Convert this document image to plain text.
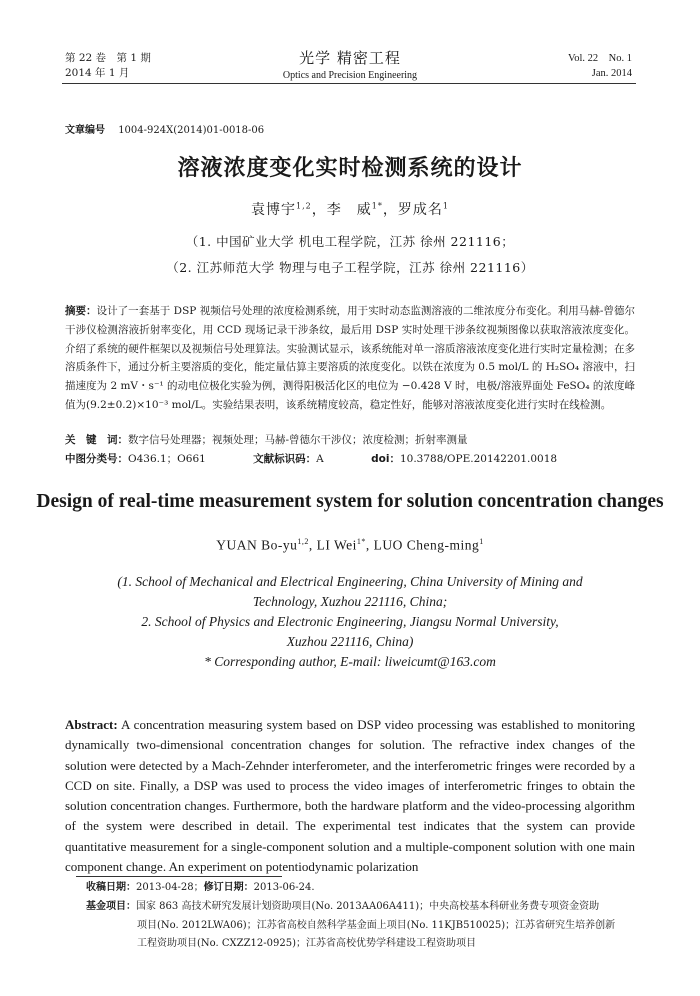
第 22 卷　第 1 期
2014 年 1 月
光学 精密工程
Optics and Precision Engineering
Vol. 22　No. 1
Jan. 2014
文章编号 1004-924X(2014)01-0018-06
溶液浓度变化实时检测系统的设计
袁博宇$^{1,2}$，李　威$^{1*}$，罗成名$^1$
（1. 中国矿业大学 机电工程学院，江苏 徐州 221116；
（2. 江苏师范大学 物理与电子工程学院，江苏 徐州 221116）
摘要：设计了一套基于 DSP 视频信号处理的浓度检测系统，用于实时动态监测溶液的二维浓度分布变化。利用马赫-曾德尔干涉仪检测溶液折射率变化，用 CCD 现场记录干涉条纹，最后用 DSP 实时处理干涉条纹视频图像以获取溶液浓度变化。介绍了系统的硬件框架以及视频信号处理算法。实验测试显示，该系统能对单一溶质溶液浓度变化进行实时定量检测；在多溶质条件下，通过分析主要溶质的变化，能定量估算主要溶质的浓度变化。以铁在浓度为 0.5 mol/L 的 H₂SO₄ 溶液中，扫描速度为 2 mV・s⁻¹ 的动电位极化实验为例，测得阳极活化区的电位为 −0.428 V 时，电极/溶液界面处 FeSO₄ 的浓度峰值为(9.2±0.2)×10⁻³ mol/L。实验结果表明，该系统精度较高，稳定性好，能够对溶液浓度变化进行实时在线检测。
关　键　词：数字信号处理器；视频处理；马赫-曾德尔干涉仪；浓度检测；折射率测量
中图分类号：O436.1；O661	文献标识码：A	doi：10.3788/OPE.20142201.0018
Design of real-time measurement system for solution concentration changes
YUAN Bo-yu$^{1,2}$, LI Wei$^{1*}$, LUO Cheng-ming$^1$
(1. School of Mechanical and Electrical Engineering, China University of Mining and
Technology, Xuzhou 221116, China;
2. School of Physics and Electronic Engineering, Jiangsu Normal University,
Xuzhou 221116, China)
* Corresponding author, E-mail: liweicumt@163.com
Abstract: A concentration measuring system based on DSP video processing was established to monitoring dynamically two-dimensional concentration changes for solution. The refractive index changes of the solution were detected by a Mach-Zehnder interferometer, and the interferometric fringes were recorded by a CCD on site. Finally, a DSP was used to process the video images of interferometric fringes to obtain the solution concentration changes. Furthermore, both the hardware platform and the video-processing algorithm of the system were described in detail. The experimental test indicates that the system can provide quantitative measurement for a single-component solution and a multiple-component solution with one main component change. An experiment on potentiodynamic polarization
收稿日期：2013-04-28；修订日期：2013-06-24.
基金项目：国家 863 高技术研究发展计划资助项目(No. 2013AA06A411)；中央高校基本科研业务费专项资金资助
项目(No. 2012LWA06)；江苏省高校自然科学基金面上项目(No. 11KJB510025)；江苏省研究生培养创新
工程资助项目(No. CXZZ12-0925)；江苏省高校优势学科建设工程资助项目
